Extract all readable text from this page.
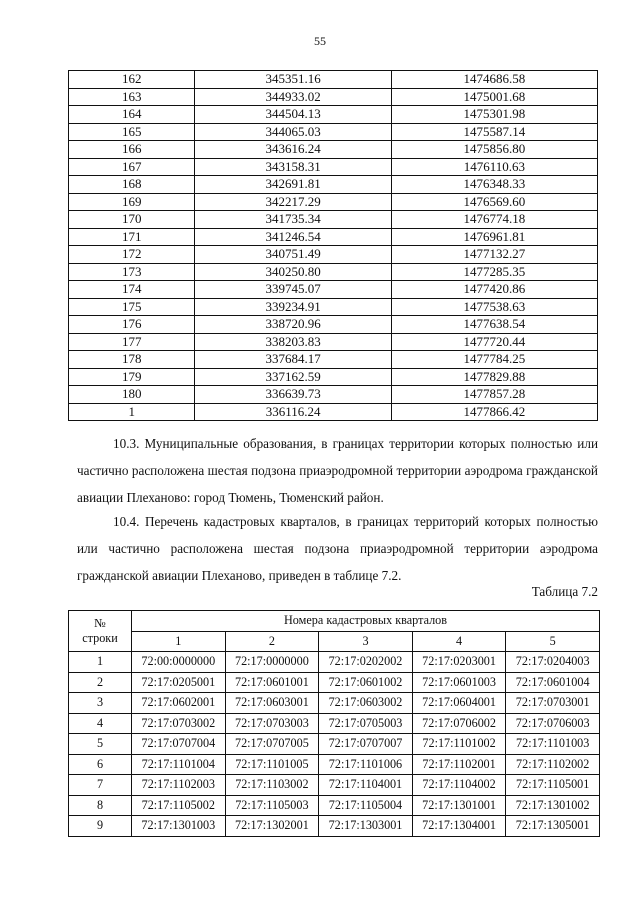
55
162	345351.16	1474686.58
163	344933.02	1475001.68
164	344504.13	1475301.98
165	344065.03	1475587.14
166	343616.24	1475856.80
167	343158.31	1476110.63
168	342691.81	1476348.33
169	342217.29	1476569.60
170	341735.34	1476774.18
171	341246.54	1476961.81
172	340751.49	1477132.27
173	340250.80	1477285.35
174	339745.07	1477420.86
175	339234.91	1477538.63
176	338720.96	1477638.54
177	338203.83	1477720.44
178	337684.17	1477784.25
179	337162.59	1477829.88
180	336639.73	1477857.28
1	336116.24	1477866.42

10.3. Муниципальные образования, в границах территории которых полностью или частично расположена шестая подзона приаэродромной территории аэродрома гражданской авиации Плеханово: город Тюмень, Тюменский район.

10.4. Перечень кадастровых кварталов, в границах территорий которых полностью или частично расположена шестая подзона приаэродромной территории аэродрома гражданской авиации Плеханово, приведен в таблице 7.2.

Таблица 7.2
№
строки	Номера кадастровых кварталов				
	1	2	3	4	5
1	72:00:0000000	72:17:0000000	72:17:0202002	72:17:0203001	72:17:0204003
2	72:17:0205001	72:17:0601001	72:17:0601002	72:17:0601003	72:17:0601004
3	72:17:0602001	72:17:0603001	72:17:0603002	72:17:0604001	72:17:0703001
4	72:17:0703002	72:17:0703003	72:17:0705003	72:17:0706002	72:17:0706003
5	72:17:0707004	72:17:0707005	72:17:0707007	72:17:1101002	72:17:1101003
6	72:17:1101004	72:17:1101005	72:17:1101006	72:17:1102001	72:17:1102002
7	72:17:1102003	72:17:1103002	72:17:1104001	72:17:1104002	72:17:1105001
8	72:17:1105002	72:17:1105003	72:17:1105004	72:17:1301001	72:17:1301002
9	72:17:1301003	72:17:1302001	72:17:1303001	72:17:1304001	72:17:1305001
